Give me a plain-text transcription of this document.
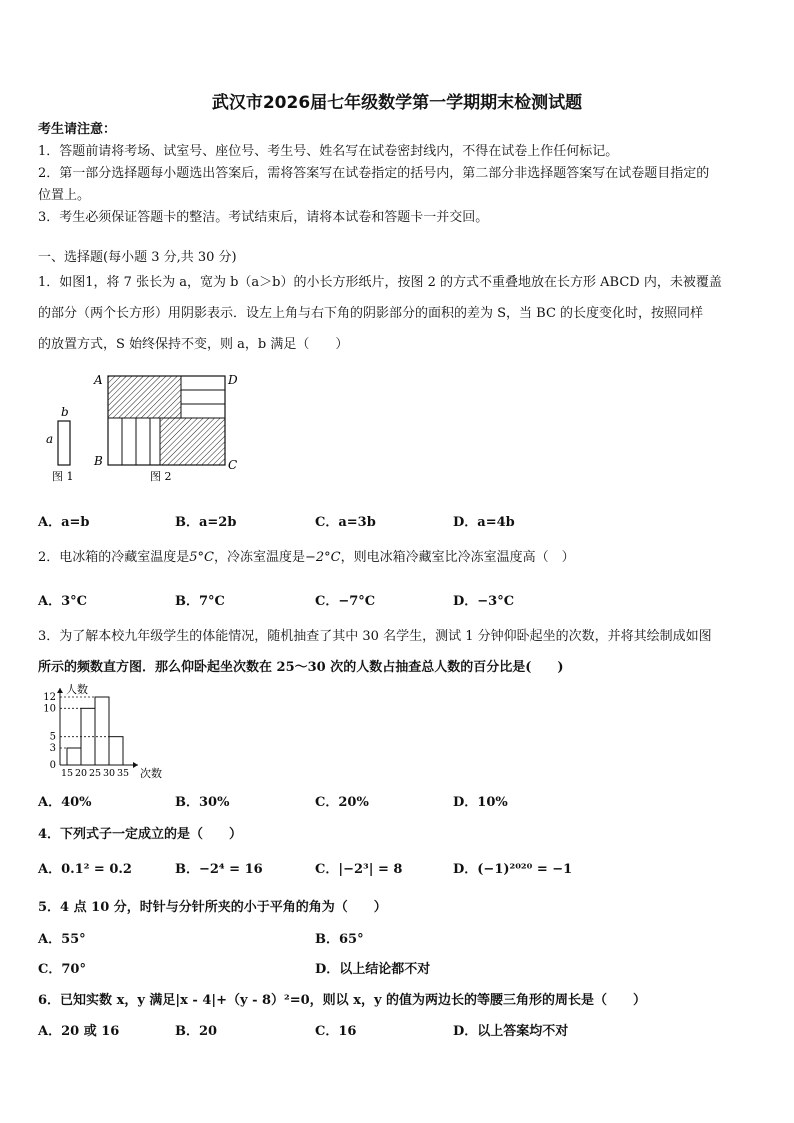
武汉市2026届七年级数学第一学期期末检测试题
考生请注意：
1．答题前请将考场、试室号、座位号、考生号、姓名写在试卷密封线内，不得在试卷上作任何标记。
2．第一部分选择题每小题选出答案后，需将答案写在试卷指定的括号内，第二部分非选择题答案写在试卷题目指定的
位置上。
3．考生必须保证答题卡的整洁。考试结束后，请将本试卷和答题卡一并交回。
一、选择题(每小题 3 分,共 30 分)
1．如图1，将 7 张长为 a，宽为 b（a＞b）的小长方形纸片，按图 2 的方式不重叠地放在长方形 ABCD 内，未被覆盖
的部分（两个长方形）用阴影表示．设左上角与右下角的阴影部分的面积的差为 S，当 BC 的长度变化时，按照同样
的放置方式，S 始终保持不变，则 a，b 满足（　　）
b
a
图 1
A	D
B	C
图 2
A．a=b	B．a=2b	C．a=3b	D．a=4b
2．电冰箱的冷藏室温度是5°C，冷冻室温度是−2°C，则电冰箱冷藏室比冷冻室温度高（　）
A．3°C	B．7°C	C．−7°C	D．−3°C
3．为了解本校九年级学生的体能情况，随机抽查了其中 30 名学生，测试 1 分钟仰卧起坐的次数，并将其绘制成如图
所示的频数直方图．那么仰卧起坐次数在 25～30 次的人数占抽查总人数的百分比是(　　)
0
3
5
10
12
15 20 25 30 35 次数
人数
A．40%	B．30%	C．20%	D．10%
4．下列式子一定成立的是（　　）
A．0.1² = 0.2	B．−2⁴ = 16	C．|−2³| = 8	D．(−1)²⁰²⁰ = −1
5．4 点 10 分，时针与分针所夹的小于平角的角为（　　）
A．55°	B．65°
C．70°	D．以上结论都不对
6．已知实数 x，y 满足|x - 4|+（y - 8）²=0，则以 x，y 的值为两边长的等腰三角形的周长是（　　）
A．20 或 16	B．20	C．16	D．以上答案均不对
